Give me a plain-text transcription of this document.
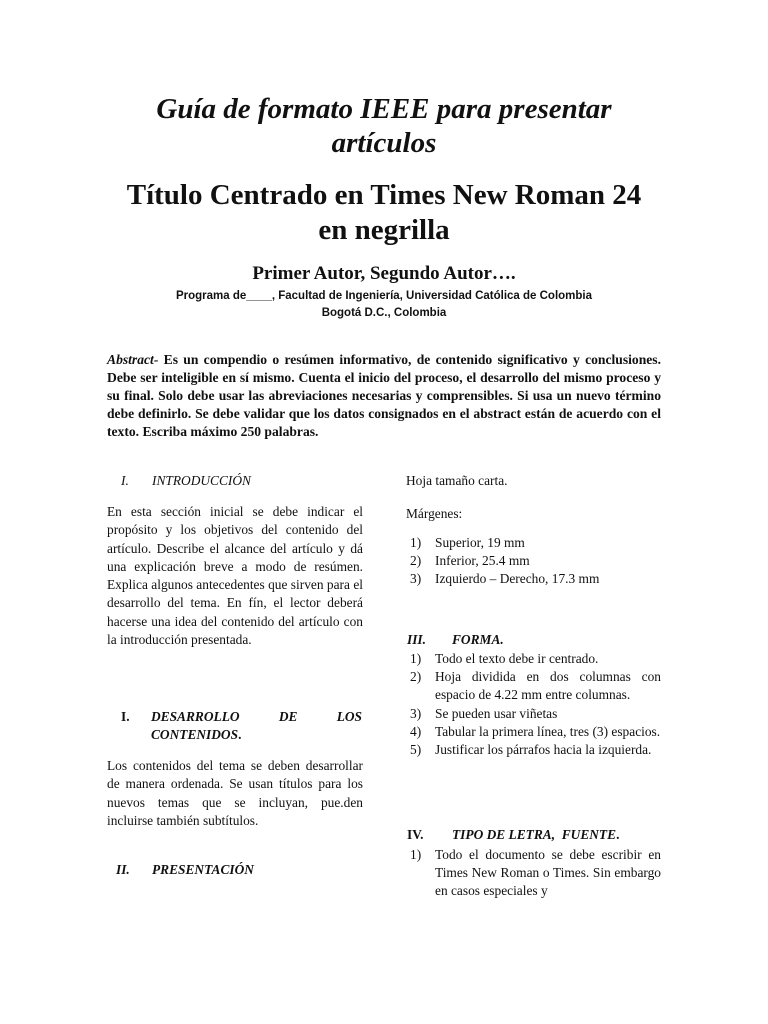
Guía de formato IEEE para presentar
artículos
Título Centrado en Times New Roman 24
en negrilla
Primer Autor, Segundo Autor….
Programa de____, Facultad de Ingeniería, Universidad Católica de Colombia
Bogotá D.C., Colombia
Abstract- Es un compendio o resúmen informativo, de contenido significativo y conclusiones. Debe ser inteligible en sí mismo. Cuenta el inicio del proceso, el desarrollo del mismo proceso y su final. Solo debe usar las abreviaciones necesarias y comprensibles. Si usa un nuevo término debe definirlo. Se debe validar que los datos consignados en el abstract están de acuerdo con el texto. Escriba máximo 250 palabras.
I. INTRODUCCIÓN
En esta sección inicial se debe indicar el propósito y los objetivos del contenido del artículo. Describe el alcance del artículo y dá una explicación breve a modo de resúmen. Explica algunos antecedentes que sirven para el desarrollo del tema. En fín, el lector deberá hacerse una idea del contenido del artículo con la introducción presentada.
I. DESARROLLO DE LOS CONTENIDOS.
Los contenidos del tema se deben desarrollar de manera ordenada. Se usan títulos para los nuevos temas que se incluyan, pue.den incluirse también subtítulos.
II. PRESENTACIÓN
Hoja tamaño carta.
Márgenes:
1) Superior, 19 mm
2) Inferior, 25.4 mm
3) Izquierdo – Derecho, 17.3 mm
III. FORMA.
1) Todo el texto debe ir centrado.
2) Hoja dividida en dos columnas con espacio de 4.22 mm entre columnas.
3) Se pueden usar viñetas
4) Tabular la primera línea, tres (3) espacios.
5) Justificar los párrafos hacia la izquierda.
IV. TIPO DE LETRA,  FUENTE.
1) Todo el documento se debe escribir en Times New Roman o Times. Sin embargo en casos especiales y
